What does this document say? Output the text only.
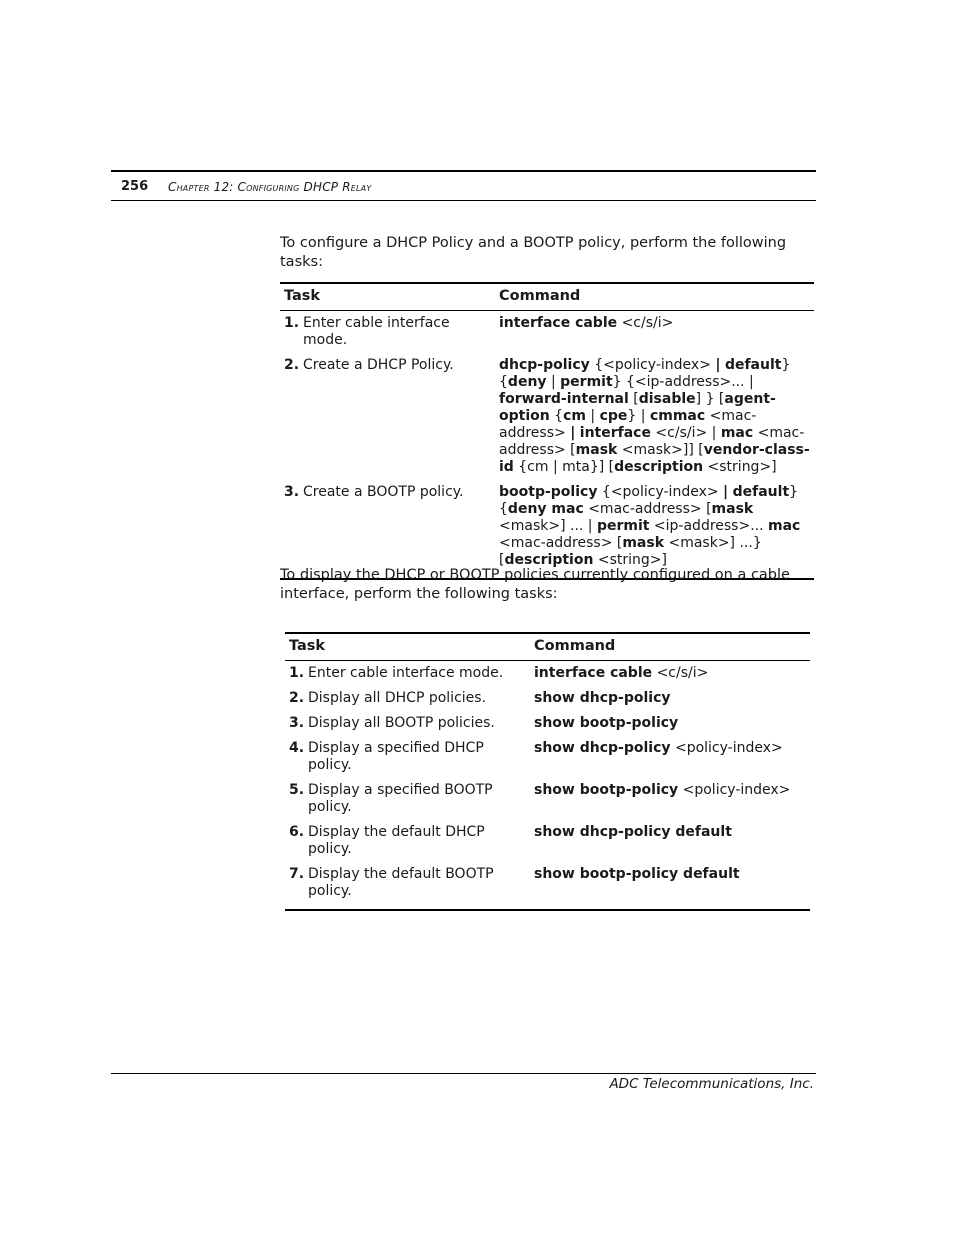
256 Chapter 12: Configuring DHCP Relay
To configure a DHCP Policy and a BOOTP policy, perform the following tasks:
Task	Command

1. Enter cable interface mode.	interface cable <c/s/i>

2. Create a DHCP Policy.	dhcp-policy {<policy-index> | default} {deny | permit} {<ip-address>... | forward-internal [disable] } [agent-option {cm | cpe} | cmmac <mac-address> | interface <c/s/i> | mac <mac-address> [mask <mask>]] [vendor-class-id {cm | mta}] [description <string>]

3. Create a BOOTP policy.	bootp-policy {<policy-index> | default} {deny mac <mac-address> [mask <mask>] ... | permit <ip-address>... mac <mac-address> [mask <mask>] ...} [description <string>]
To display the DHCP or BOOTP policies currently configured on a cable interface, perform the following tasks:
Task	Command

1. Enter cable interface mode.	interface cable <c/s/i>

2. Display all DHCP policies.	show dhcp-policy

3. Display all BOOTP policies.	show bootp-policy

4. Display a specified DHCP policy.	show dhcp-policy <policy-index>

5. Display a specified BOOTP policy.	show bootp-policy <policy-index>

6. Display the default DHCP policy.	show dhcp-policy default

7. Display the default BOOTP policy.	show bootp-policy default
ADC Telecommunications, Inc.
